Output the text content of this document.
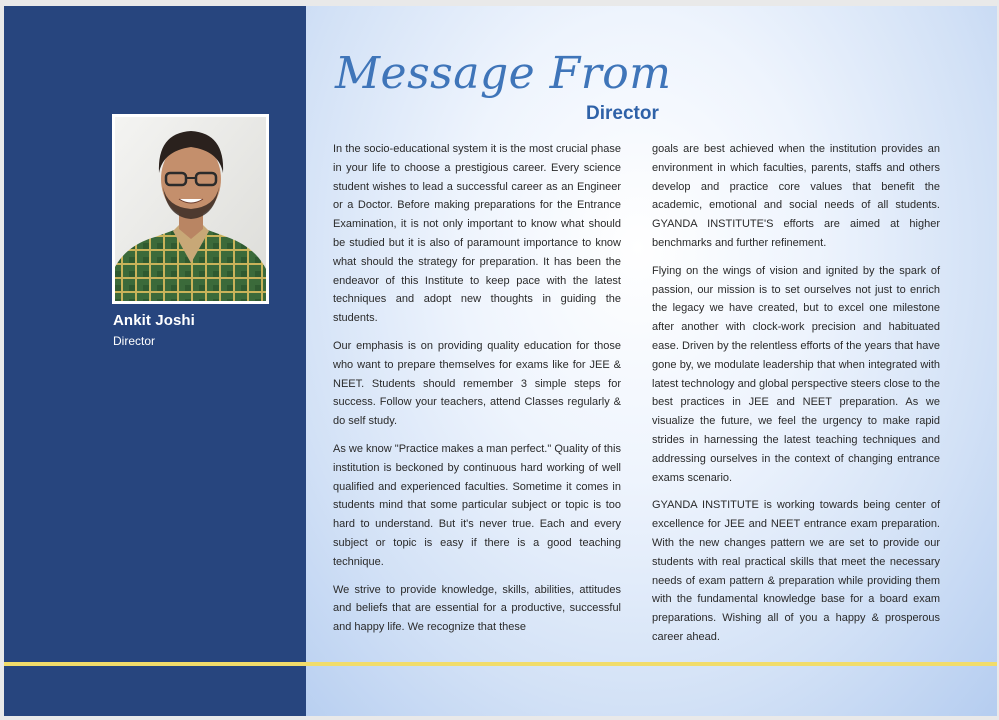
Ankit Joshi
Director
Message From
Director

In the socio-educational system it is the most crucial phase in your life to choose a prestigious career. Every science student wishes to lead a successful career as an Engineer or a Doctor. Before making preparations for the Entrance Examination, it is not only important to know what should be studied but it is also of paramount importance to know what should the strategy for preparation. It has been the endeavor of this Institute to keep pace with the latest techniques and adopt new thoughts in guiding the students.

Our emphasis is on providing quality education for those who want to prepare themselves for exams like for JEE & NEET. Students should remember 3 simple steps for success. Follow your teachers, attend Classes regularly & do self study.

As we know "Practice makes a man perfect." Quality of this institution is beckoned by continuous hard working of well qualified and experienced faculties. Sometime it comes in students mind that some particular subject or topic is too hard to understand. But it's never true. Each and every subject or topic is easy if there is a good teaching technique.

We strive to provide knowledge, skills, abilities, attitudes and beliefs that are essential for a productive, successful and happy life. We recognize that these

goals are best achieved when the institution provides an environment in which faculties, parents, staffs and others develop and practice core values that benefit the academic, emotional and social needs of all students. GYANDA INSTITUTE'S efforts are aimed at higher benchmarks and further refinement.

Flying on the wings of vision and ignited by the spark of passion, our mission is to set ourselves not just to enrich the legacy we have created, but to excel one milestone after another with clock-work precision and habituated ease. Driven by the relentless efforts of the years that have gone by, we modulate leadership that when integrated with latest technology and global perspective steers close to the best practices in JEE and NEET preparation. As we visualize the future, we feel the urgency to make rapid strides in harnessing the latest teaching techniques and addressing ourselves in the context of changing entrance exams scenario.

GYANDA INSTITUTE is working towards being center of excellence for JEE and NEET entrance exam preparation. With the new changes pattern we are set to provide our students with real practical skills that meet the necessary needs of exam pattern & preparation while providing them with the fundamental knowledge base for a board exam preparations. Wishing all of you a happy & prosperous career ahead.
